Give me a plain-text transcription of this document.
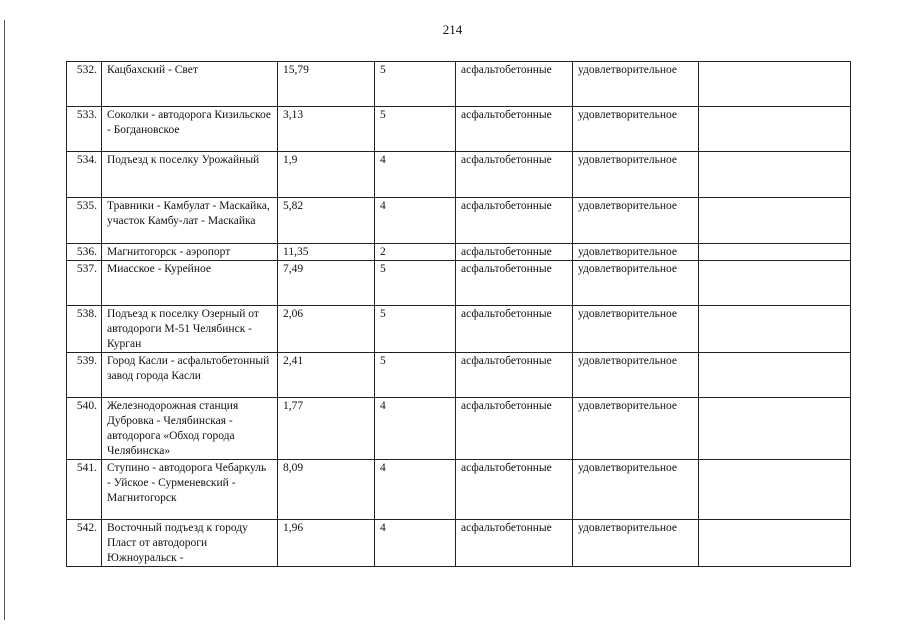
214
532.	Кацбахский - Свет	15,79	5	асфальтобетонные	удовлетворительное	
533.	Соколки - автодорога Кизильское - Богдановское	3,13	5	асфальтобетонные	удовлетворительное	
534.	Подъезд к поселку Урожайный	1,9	4	асфальтобетонные	удовлетворительное	
535.	Травники - Камбулат - Маскайка, участок Камбу-лат - Маскайка	5,82	4	асфальтобетонные	удовлетворительное	
536.	Магнитогорск - аэропорт	11,35	2	асфальтобетонные	удовлетворительное	
537.	Миасское - Курейное	7,49	5	асфальтобетонные	удовлетворительное	
538.	Подъезд к поселку Озерный от автодороги М-51 Челябинск - Курган	2,06	5	асфальтобетонные	удовлетворительное	
539.	Город Касли - асфальтобетонный завод города Касли	2,41	5	асфальтобетонные	удовлетворительное	
540.	Железнодорожная станция Дубровка - Челябинская - автодорога «Обход города Челябинска»	1,77	4	асфальтобетонные	удовлетворительное	
541.	Ступино - автодорога Чебаркуль - Уйское - Сурменевский - Магнитогорск	8,09	4	асфальтобетонные	удовлетворительное	
542.	Восточный подъезд к городу Пласт от автодороги Южноуральск -	1,96	4	асфальтобетонные	удовлетворительное	
